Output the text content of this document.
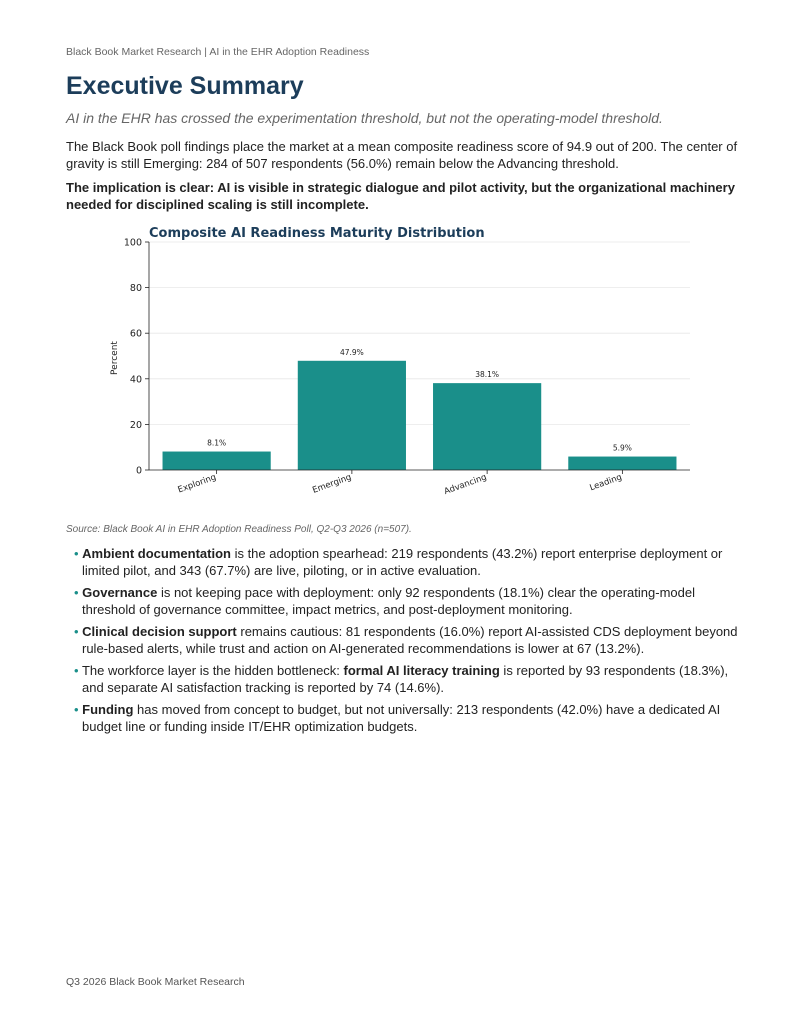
Black Book Market Research | AI in the EHR Adoption Readiness
Executive Summary

AI in the EHR has crossed the experimentation threshold, but not the operating-model threshold.

The Black Book poll findings place the market at a mean composite readiness score of 94.9 out of 200. The center of gravity is still Emerging: 284 of 507 respondents (56.0%) remain below the Advancing threshold.

The implication is clear: AI is visible in strategic dialogue and pilot activity, but the organizational machinery needed for disciplined scaling is still incomplete.

0
20
40
60
80
100
8.1%
Exploring
47.9%
Emerging
38.1%
Advancing
5.9%
Leading
Composite AI Readiness Maturity Distribution
Percent
Source: Black Book AI in EHR Adoption Readiness Poll, Q2-Q3 2026 (n=507).
• Ambient documentation is the adoption spearhead: 219 respondents (43.2%) report enterprise deployment or limited pilot, and 343 (67.7%) are live, piloting, or in active evaluation.
• Governance is not keeping pace with deployment: only 92 respondents (18.1%) clear the operating-model threshold of governance committee, impact metrics, and post-deployment monitoring.
• Clinical decision support remains cautious: 81 respondents (16.0%) report AI-assisted CDS deployment beyond rule-based alerts, while trust and action on AI-generated recommendations is lower at 67 (13.2%).
• The workforce layer is the hidden bottleneck: formal AI literacy training is reported by 93 respondents (18.3%), and separate AI satisfaction tracking is reported by 74 (14.6%).
• Funding has moved from concept to budget, but not universally: 213 respondents (42.0%) have a dedicated AI budget line or funding inside IT/EHR optimization budgets.
Q3 2026 Black Book Market Research
